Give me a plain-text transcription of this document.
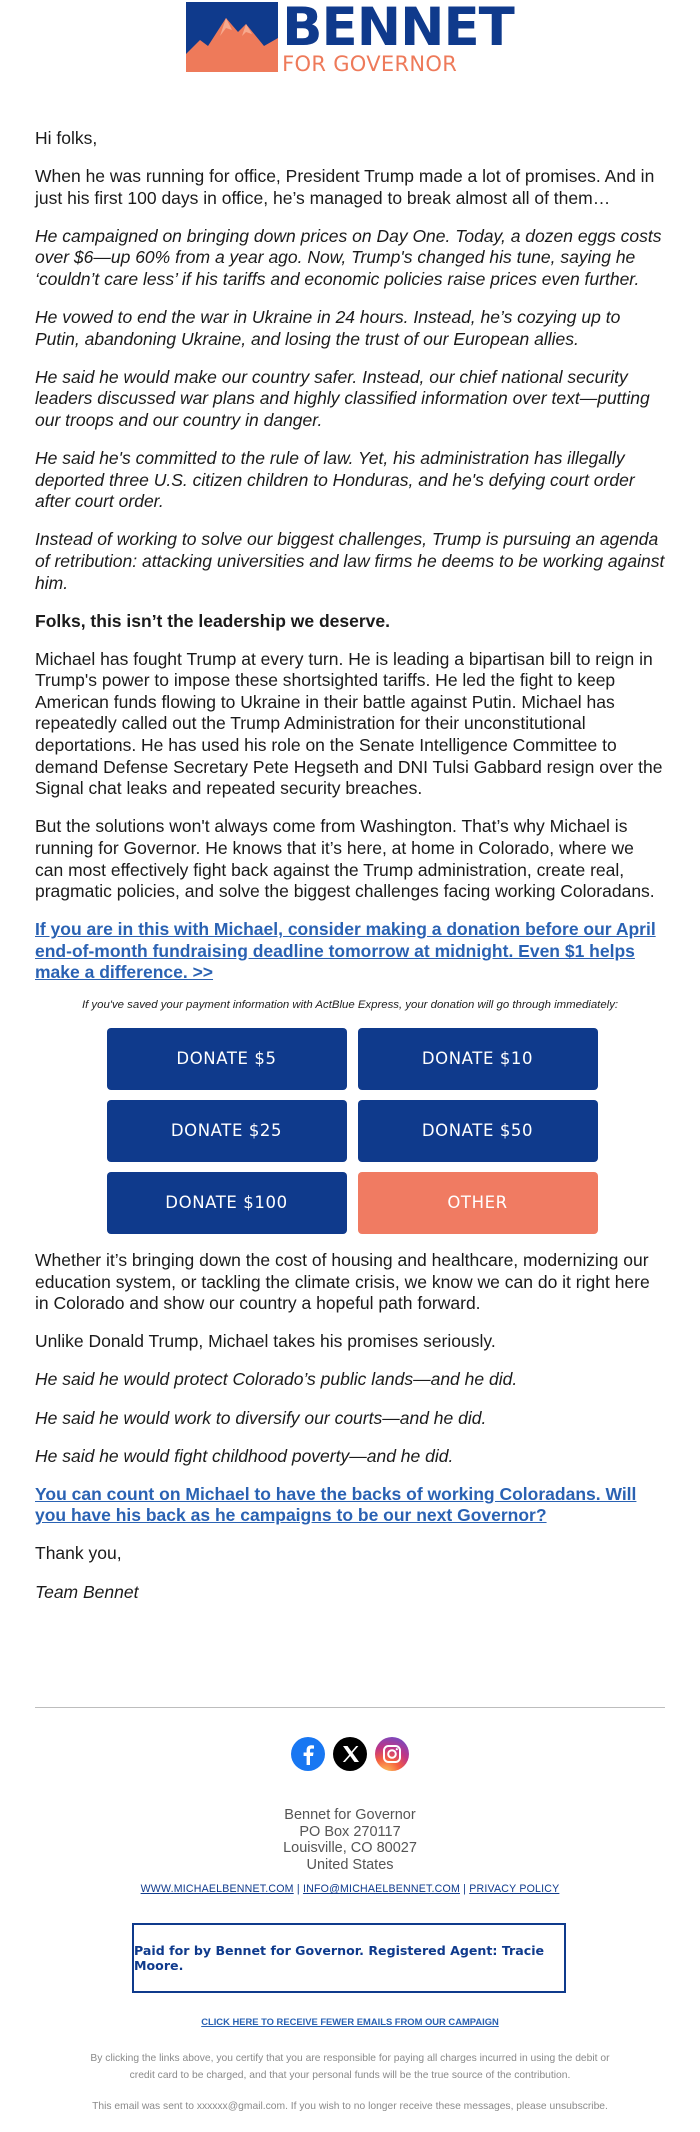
BENNET
FOR GOVERNOR

Hi folks,

When he was running for office, President Trump made a lot of promises. And in just his first 100 days in office, he’s managed to break almost all of them…

He campaigned on bringing down prices on Day One. Today, a dozen eggs costs over $6—up 60% from a year ago. Now, Trump's changed his tune, saying he ‘couldn’t care less’ if his tariffs and economic policies raise prices even further.

He vowed to end the war in Ukraine in 24 hours. Instead, he’s cozying up to Putin, abandoning Ukraine, and losing the trust of our European allies.

He said he would make our country safer. Instead, our chief national security leaders discussed war plans and highly classified information over text—putting our troops and our country in danger.

He said he's committed to the rule of law. Yet, his administration has illegally deported three U.S. citizen children to Honduras, and he's defying court order after court order.

Instead of working to solve our biggest challenges, Trump is pursuing an agenda of retribution: attacking universities and law firms he deems to be working against him.

Folks, this isn’t the leadership we deserve.

Michael has fought Trump at every turn. He is leading a bipartisan bill to reign in Trump's power to impose these shortsighted tariffs. He led the fight to keep American funds flowing to Ukraine in their battle against Putin. Michael has repeatedly called out the Trump Administration for their unconstitutional deportations. He has used his role on the Senate Intelligence Committee to demand Defense Secretary Pete Hegseth and DNI Tulsi Gabbard resign over the Signal chat leaks and repeated security breaches.

But the solutions won't always come from Washington. That’s why Michael is running for Governor. He knows that it’s here, at home in Colorado, where we can most effectively fight back against the Trump administration, create real, pragmatic policies, and solve the biggest challenges facing working Coloradans.

If you are in this with Michael, consider making a donation before our April end-of-month fundraising deadline tomorrow at midnight. Even $1 helps make a difference. >>

If you've saved your payment information with ActBlue Express, your donation will go through immediately:
DONATE $5	DONATE $10
DONATE $25	DONATE $50
DONATE $100	OTHER

Whether it’s bringing down the cost of housing and healthcare, modernizing our education system, or tackling the climate crisis, we know we can do it right here in Colorado and show our country a hopeful path forward.

Unlike Donald Trump, Michael takes his promises seriously.

He said he would protect Colorado’s public lands—and he did.

He said he would work to diversify our courts—and he did.

He said he would fight childhood poverty—and he did.

You can count on Michael to have the backs of working Coloradans. Will you have his back as he campaigns to be our next Governor?

Thank you,

Team Bennet

Bennet for Governor
PO Box 270117
Louisville, CO 80027
United States
WWW.MICHAELBENNET.COM | INFO@MICHAELBENNET.COM | PRIVACY POLICY
Paid for by Bennet for Governor. Registered Agent: Tracie Moore.
CLICK HERE TO RECEIVE FEWER EMAILS FROM OUR CAMPAIGN
By clicking the links above, you certify that you are responsible for paying all charges incurred in using the debit or credit card to be charged, and that your personal funds will be the true source of the contribution.
This email was sent to xxxxxx@gmail.com. If you wish to no longer receive these messages, please unsubscribe.
